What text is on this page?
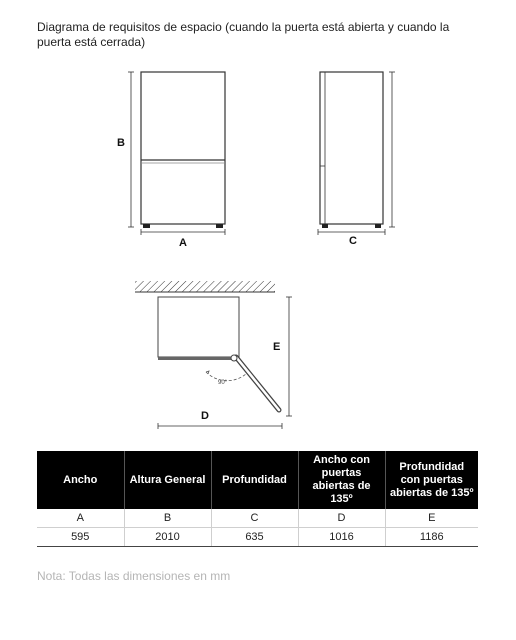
Diagrama de requisitos de espacio (cuando la puerta está abierta y cuando la puerta está cerrada)
B
A	C
90°
E
D
Ancho	Altura General	Profundidad	Ancho con puertas abiertas de 135º	Profundidad con puertas abiertas de 135º
A	B	C	D	E
595	2010	635	1016	1186
Nota: Todas las dimensiones en mm
